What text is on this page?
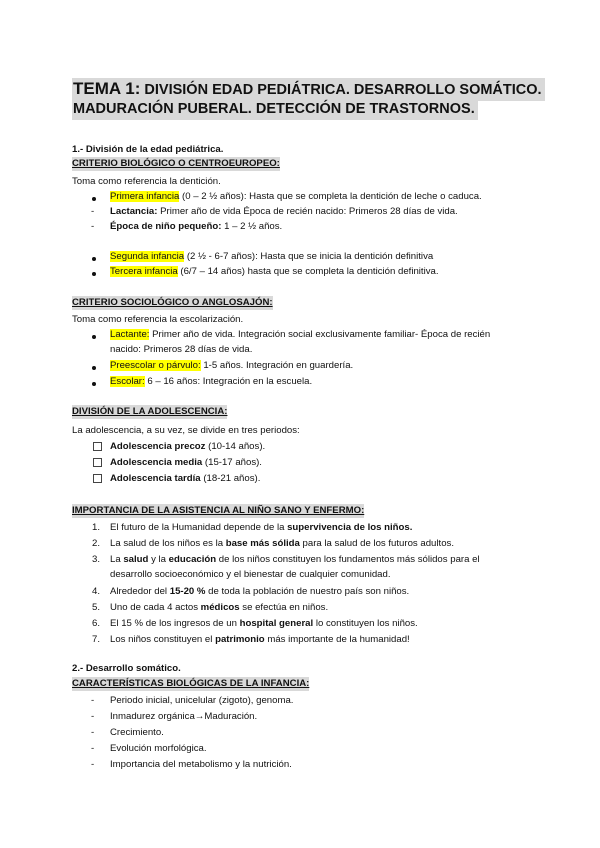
TEMA 1: DIVISIÓN EDAD PEDIÁTRICA. DESARROLLO SOMÁTICO.
MADURACIÓN PUBERAL. DETECCIÓN DE TRASTORNOS.
1.- División de la edad pediátrica.
CRITERIO BIOLÓGICO O CENTROEUROPEO:
Toma como referencia la dentición.
Primera infancia (0 – 2 ½ años): Hasta que se completa la dentición de leche o caduca.
- Lactancia: Primer año de vida Época de recién nacido: Primeros 28 días de vida.
- Época de niño pequeño: 1 – 2 ½ años.
Segunda infancia (2 ½ - 6-7 años): Hasta que se inicia la dentición definitiva
Tercera infancia (6/7 – 14 años) hasta que se completa la dentición definitiva.
CRITERIO SOCIOLÓGICO O ANGLOSAJÓN:
Toma como referencia la escolarización.
Lactante: Primer año de vida. Integración social exclusivamente familiar- Época de recién
nacido: Primeros 28 días de vida.
Preescolar o párvulo: 1-5 años. Integración en guardería.
Escolar: 6 – 16 años: Integración en la escuela.
DIVISIÓN DE LA ADOLESCENCIA:
La adolescencia, a su vez, se divide en tres periodos:
Adolescencia precoz (10-14 años).
Adolescencia media (15-17 años).
Adolescencia tardía (18-21 años).
IMPORTANCIA DE LA ASISTENCIA AL NIÑO SANO Y ENFERMO:
1. El futuro de la Humanidad depende de la supervivencia de los niños.
2. La salud de los niños es la base más sólida para la salud de los futuros adultos.
3. La salud y la educación de los niños constituyen los fundamentos más sólidos para el
desarrollo socioeconómico y el bienestar de cualquier comunidad.
4. Alrededor del 15-20 % de toda la población de nuestro país son niños.
5. Uno de cada 4 actos médicos se efectúa en niños.
6. El 15 % de los ingresos de un hospital general lo constituyen los niños.
7. Los niños constituyen el patrimonio más importante de la humanidad!
2.- Desarrollo somático.
CARACTERÍSTICAS BIOLÓGICAS DE LA INFANCIA:
- Periodo inicial, unicelular (zigoto), genoma.
- Inmadurez orgánica→Maduración.
- Crecimiento.
- Evolución morfológica.
- Importancia del metabolismo y la nutrición.
